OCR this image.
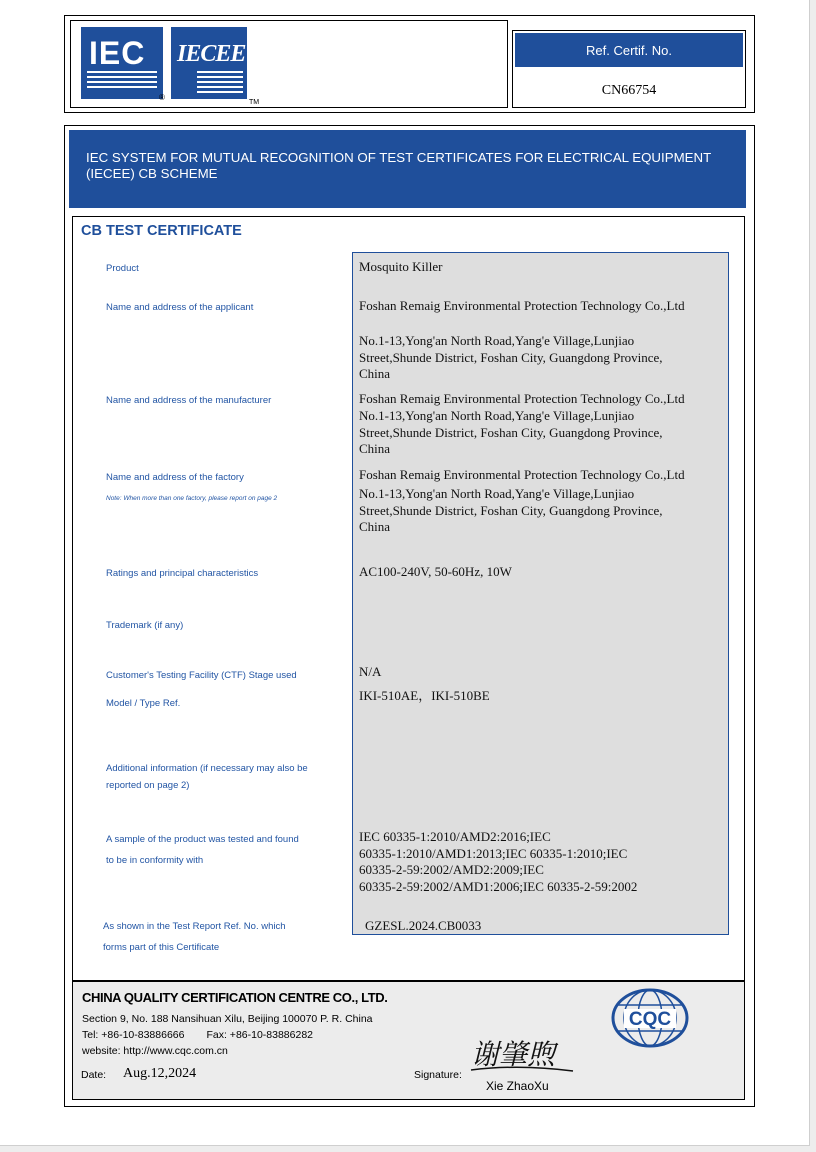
IEC
®
IECEE
TM
Ref. Certif. No.
CN66754
IEC SYSTEM FOR MUTUAL RECOGNITION OF TEST CERTIFICATES FOR ELECTRICAL EQUIPMENT (IECEE) CB SCHEME
CB TEST CERTIFICATE
Product
Name and address of the applicant
Name and address of the manufacturer
Name and address of the factory
Note: When more than one factory, please report on page 2
Ratings and principal characteristics
Trademark (if any)
Customer's Testing Facility (CTF) Stage used
Model / Type Ref.
Additional information (if necessary may also be reported on page 2)
A sample of the product was tested and found
to be in conformity with
As shown in the Test Report Ref. No. which
forms part of this Certificate
Mosquito Killer
Foshan Remaig Environmental Protection Technology Co.,Ltd
No.1-13,Yong'an North Road,Yang'e Village,Lunjiao
Street,Shunde District, Foshan City, Guangdong Province,
China
Foshan Remaig Environmental Protection Technology Co.,Ltd
No.1-13,Yong'an North Road,Yang'e Village,Lunjiao
Street,Shunde District, Foshan City, Guangdong Province,
China
Foshan Remaig Environmental Protection Technology Co.,Ltd
No.1-13,Yong'an North Road,Yang'e Village,Lunjiao
Street,Shunde District, Foshan City, Guangdong Province,
China
AC100-240V, 50-60Hz, 10W
N/A
IKI-510AE，IKI-510BE
IEC 60335-1:2010/AMD2:2016;IEC
60335-1:2010/AMD1:2013;IEC 60335-1:2010;IEC
60335-2-59:2002/AMD2:2009;IEC
60335-2-59:2002/AMD1:2006;IEC 60335-2-59:2002
GZESL.2024.CB0033
CHINA QUALITY CERTIFICATION CENTRE CO., LTD.
Section 9, No. 188 Nansihuan Xilu, Beijing 100070 P. R. China
Tel: +86-10-83886666 Fax: +86-10-83886282
website: http://www.cqc.com.cn
Date: Aug.12,2024	Signature:
谢肇煦
Xie ZhaoXu
CQC
